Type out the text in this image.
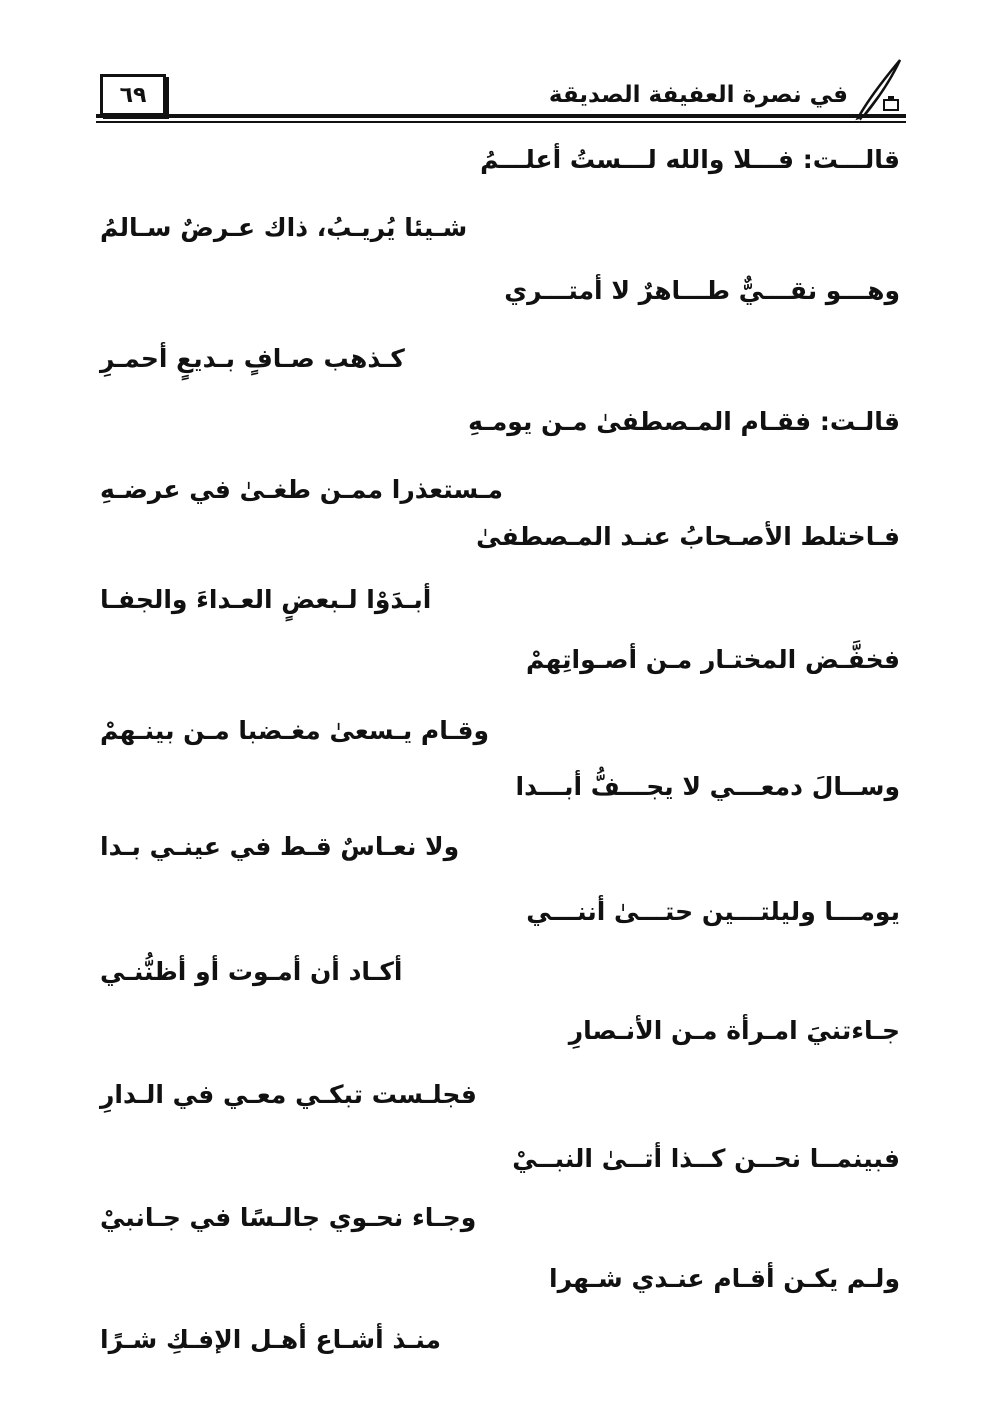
٦٩	في نصرة العفيفة الصديقة
قالـــت: فـــلا والله لـــستُ أعلـــمُ
شـيئا يُريـبُ، ذاك عـرضٌ سـالمُ
وهـــو نقـــيٌّ طـــاهرٌ لا أمتـــري
كـذهب صـافٍ بـديعٍ أحمـرِ
قالـت: فقـام المـصطفىٰ مـن يومـهِ
مـستعذرا ممـن طغـىٰ في عرضـهِ
فـاختلط الأصـحابُ عنـد المـصطفىٰ
أبـدَوْا لـبعضٍ العـداءَ والجفـا
فخفَّـض المختـار مـن أصـواتِهمْ
وقـام يـسعىٰ مغـضبا مـن بينـهمْ
وســالَ دمعـــي لا يجـــفُّ أبـــدا
ولا نعـاسٌ قـط في عينـي بـدا
يومـــا وليلتـــين حتـــىٰ أننـــي
أكـاد أن أمـوت أو أظنُّنـي
جـاءتنيَ امـرأة مـن الأنـصارِ
فجلـست تبكـي معـي في الـدارِ
فبينمــا نحــن كــذا أتــىٰ النبــيْ
وجـاء نحـوي جالـسًا في جـانبيْ
ولـم يكـن أقـام عنـدي شـهرا
منـذ أشـاع أهـل الإفـكِ شـرًا
